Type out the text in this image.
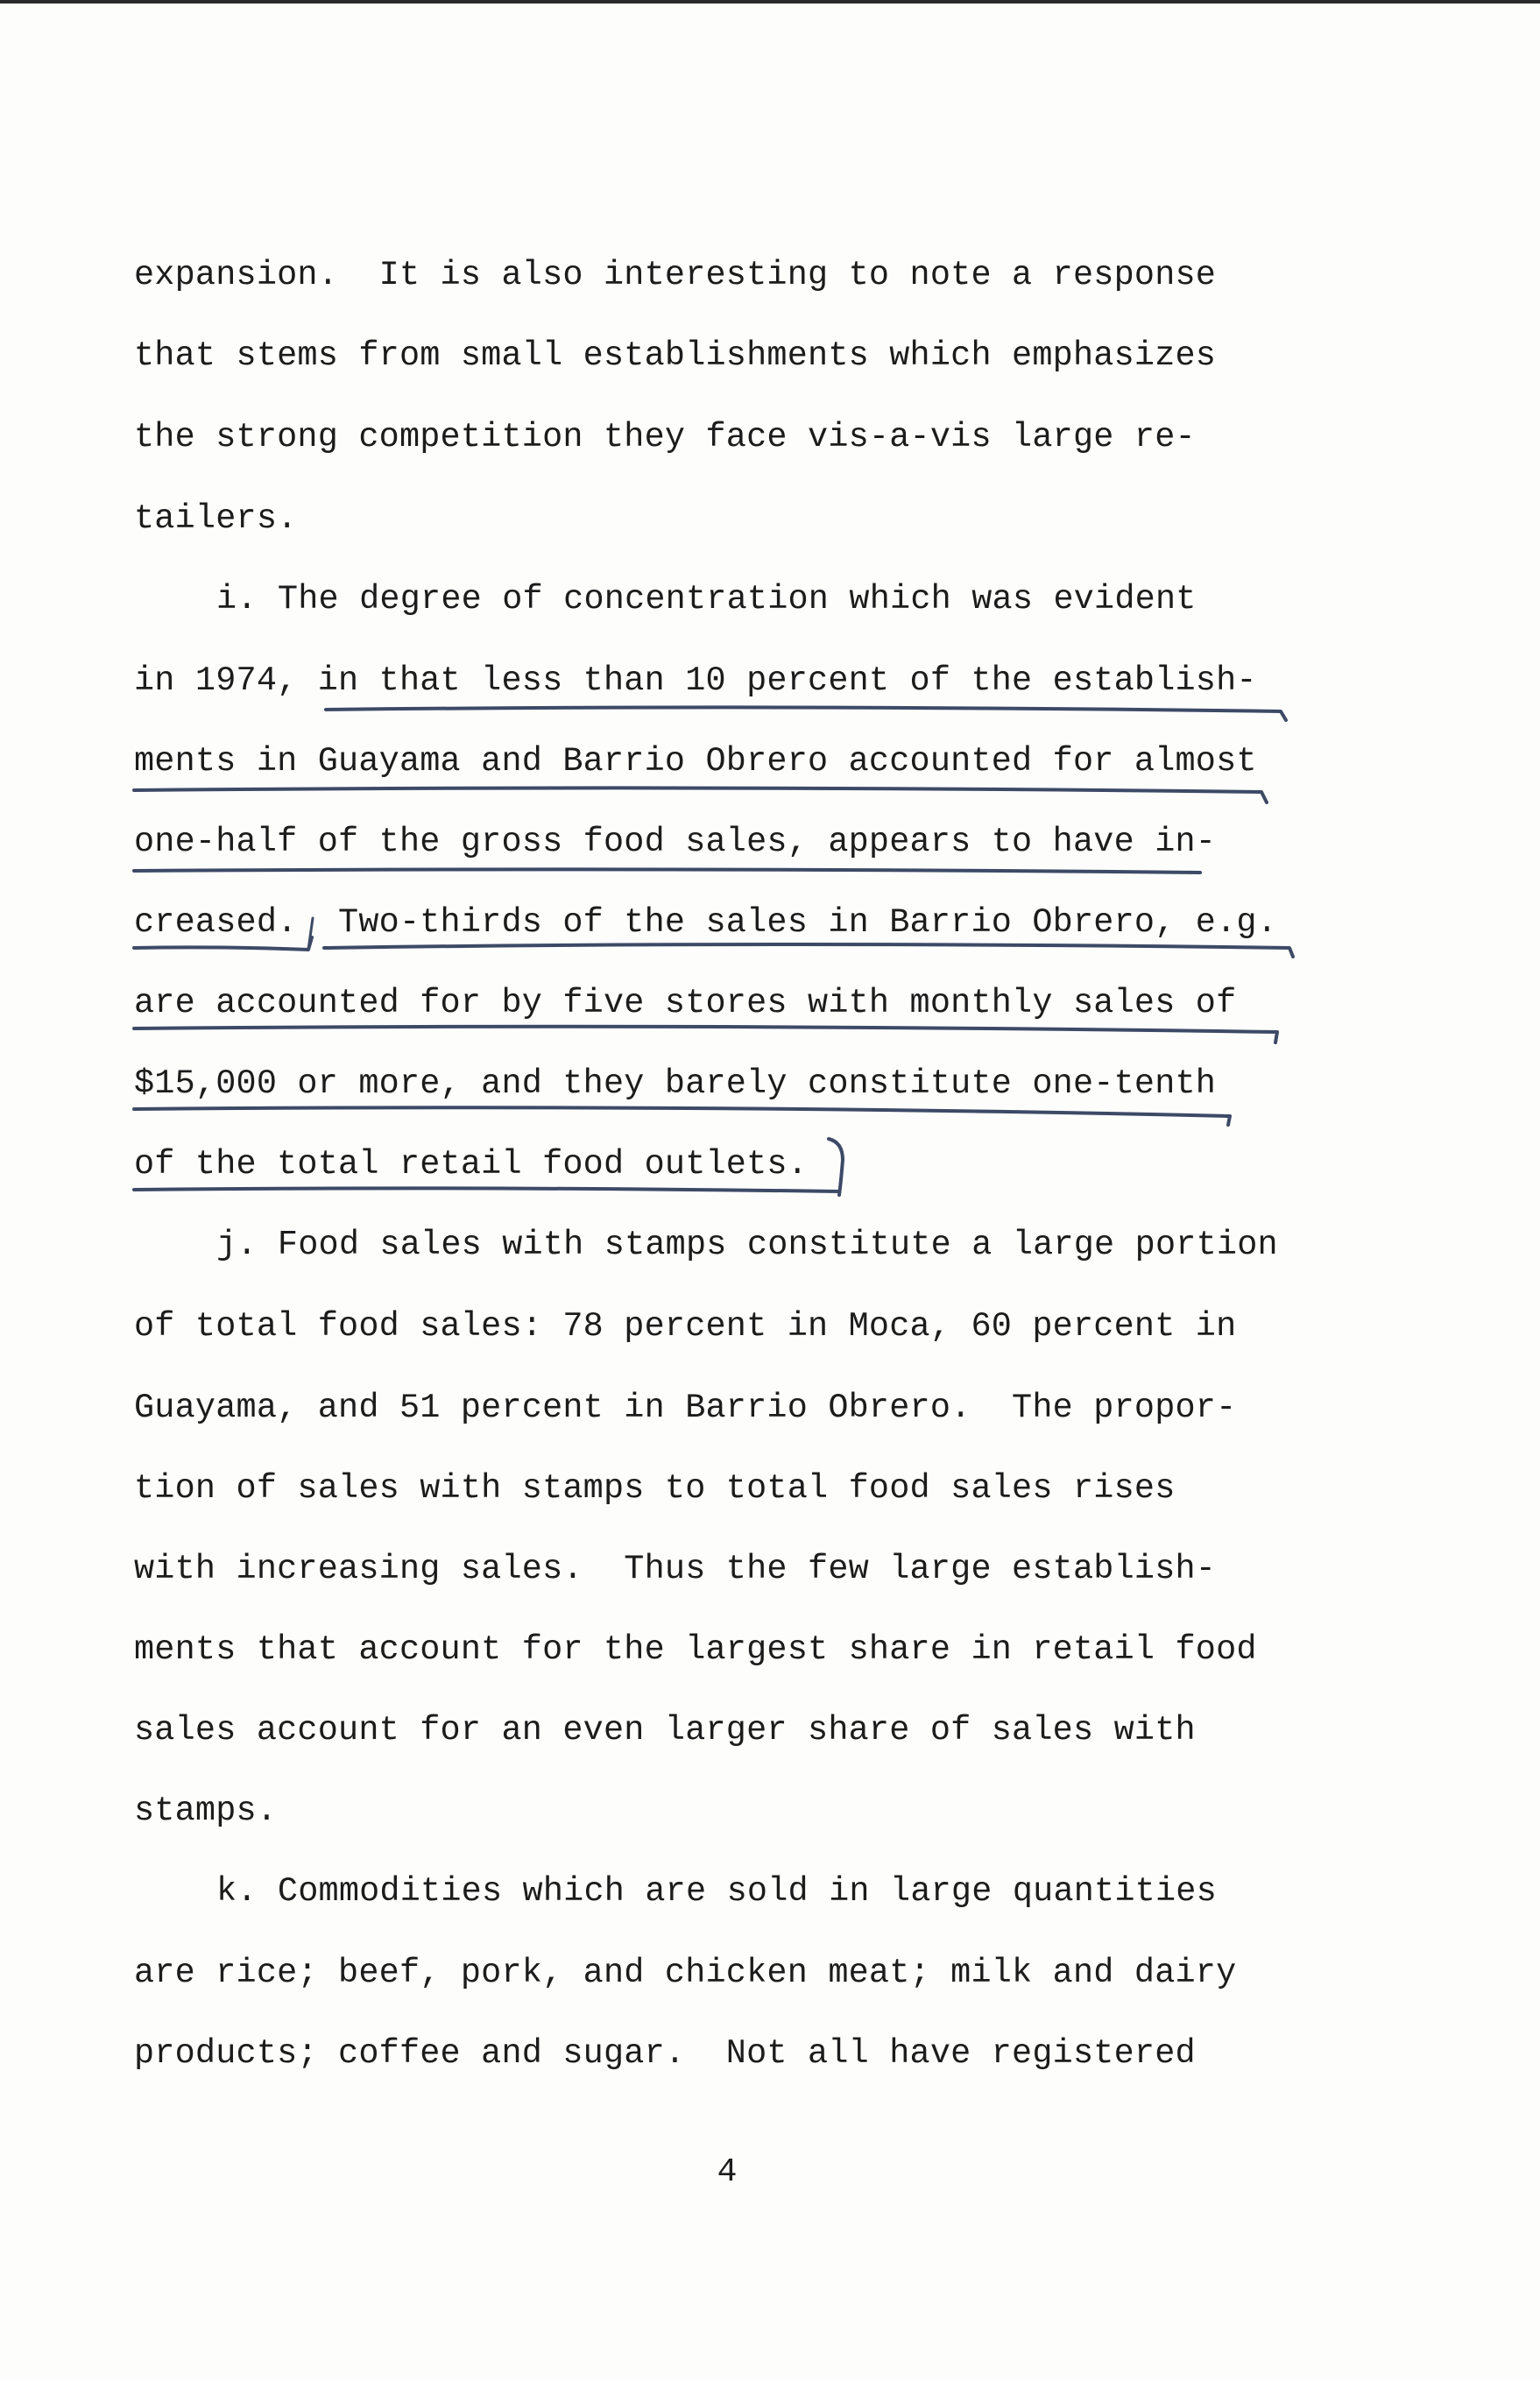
expansion.  It is also interesting to note a response

that stems from small establishments which emphasizes

the strong competition they face vis-a-vis large re-

tailers.

i. The degree of concentration which was evident

in 1974, in that less than 10 percent of the establish-

ments in Guayama and Barrio Obrero accounted for almost

one-half of the gross food sales, appears to have in-

creased.  Two-thirds of the sales in Barrio Obrero, e.g.

are accounted for by five stores with monthly sales of

$15,000 or more, and they barely constitute one-tenth

of the total retail food outlets.

j. Food sales with stamps constitute a large portion

of total food sales: 78 percent in Moca, 60 percent in

Guayama, and 51 percent in Barrio Obrero.  The propor-

tion of sales with stamps to total food sales rises

with increasing sales.  Thus the few large establish-

ments that account for the largest share in retail food

sales account for an even larger share of sales with

stamps.

k. Commodities which are sold in large quantities

are rice; beef, pork, and chicken meat; milk and dairy

products; coffee and sugar.  Not all have registered

4
